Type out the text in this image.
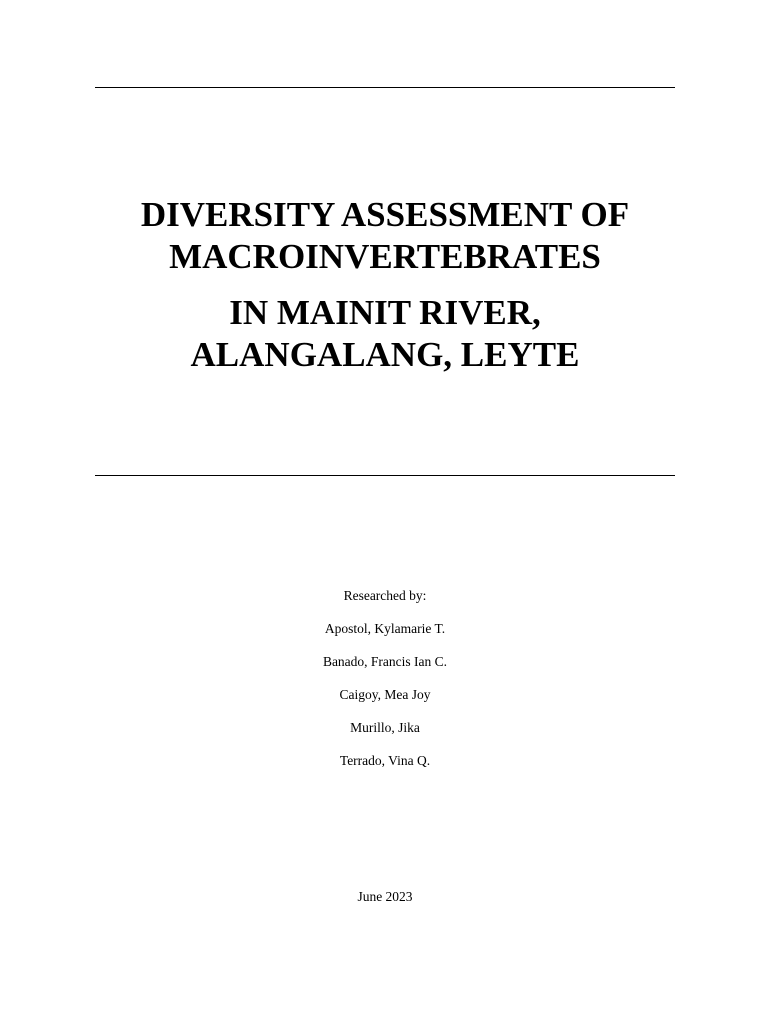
DIVERSITY ASSESSMENT OF
MACROINVERTEBRATES
IN MAINIT RIVER,
ALANGALANG, LEYTE
Researched by:
Apostol, Kylamarie T.
Banado, Francis Ian C.
Caigoy, Mea Joy
Murillo, Jika
Terrado, Vina Q.
June 2023
